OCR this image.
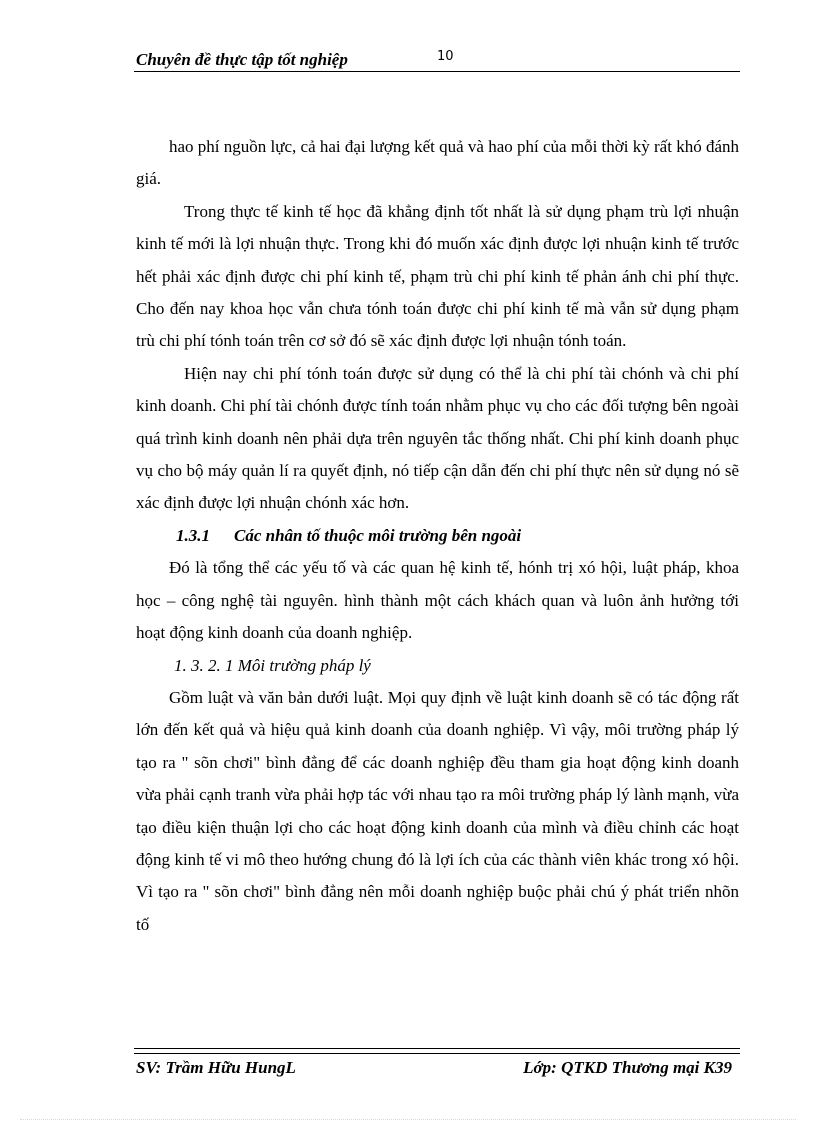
Chuyên đề thực tập tốt nghiệp	10

hao phí nguồn lực, cả hai đại lượng kết quả và hao phí của mỗi thời kỳ rất khó đánh giá.

Trong thực tế kinh tế học đã khẳng định tốt nhất là sử dụng phạm trù lợi nhuận kinh tế mới là lợi nhuận thực. Trong khi đó muốn xác định được lợi nhuận kinh tế trước hết phải xác định được chi phí kinh tế, phạm trù chi phí kinh tế phản ánh chi phí thực. Cho đến nay khoa học vẫn chưa tónh toán được chi phí kinh tế mà vẫn sử dụng phạm trù chi phí tónh toán trên cơ sở đó sẽ xác định được lợi nhuận tónh toán.

Hiện nay chi phí tónh toán được sử dụng có thể là chi phí tài chónh và chi phí kinh doanh. Chi phí tài chónh được tính toán nhằm phục vụ cho các đối tượng bên ngoài quá trình kinh doanh nên phải dựa trên nguyên tắc thống nhất. Chi phí kinh doanh phục vụ cho bộ máy quản lí ra quyết định, nó tiếp cận dẫn đến chi phí thực nên sử dụng nó sẽ xác định được lợi nhuận chónh xác hơn.

1.3.1 Các nhân tố thuộc môi trường bên ngoài

Đó là tổng thể các yếu tố và các quan hệ kinh tế, hónh trị xó hội, luật pháp, khoa học – công nghệ tài nguyên. hình thành một cách khách quan và luôn ảnh hưởng tới hoạt động kinh doanh của doanh nghiệp.

1. 3. 2. 1 Môi trường pháp lý

Gồm luật và văn bản dưới luật. Mọi quy định về luật kinh doanh sẽ có tác động rất lớn đến kết quả và hiệu quả kinh doanh của doanh nghiệp. Vì vậy, môi trường pháp lý tạo ra " sõn chơi" bình đẳng để các doanh nghiệp đều tham gia hoạt động kinh doanh vừa phải cạnh tranh vừa phải hợp tác với nhau tạo ra môi trường pháp lý lành mạnh, vừa tạo điều kiện thuận lợi cho các hoạt động kinh doanh của mình và điều chỉnh các hoạt động kinh tế vi mô theo hướng chung đó là lợi ích của các thành viên khác trong xó hội. Vì tạo ra " sõn chơi" bình đẳng nên mỗi doanh nghiệp buộc phải chú ý phát triển nhõn tố

SV: Trầm Hữu HungL	Lớp: QTKD Thương mại K39
